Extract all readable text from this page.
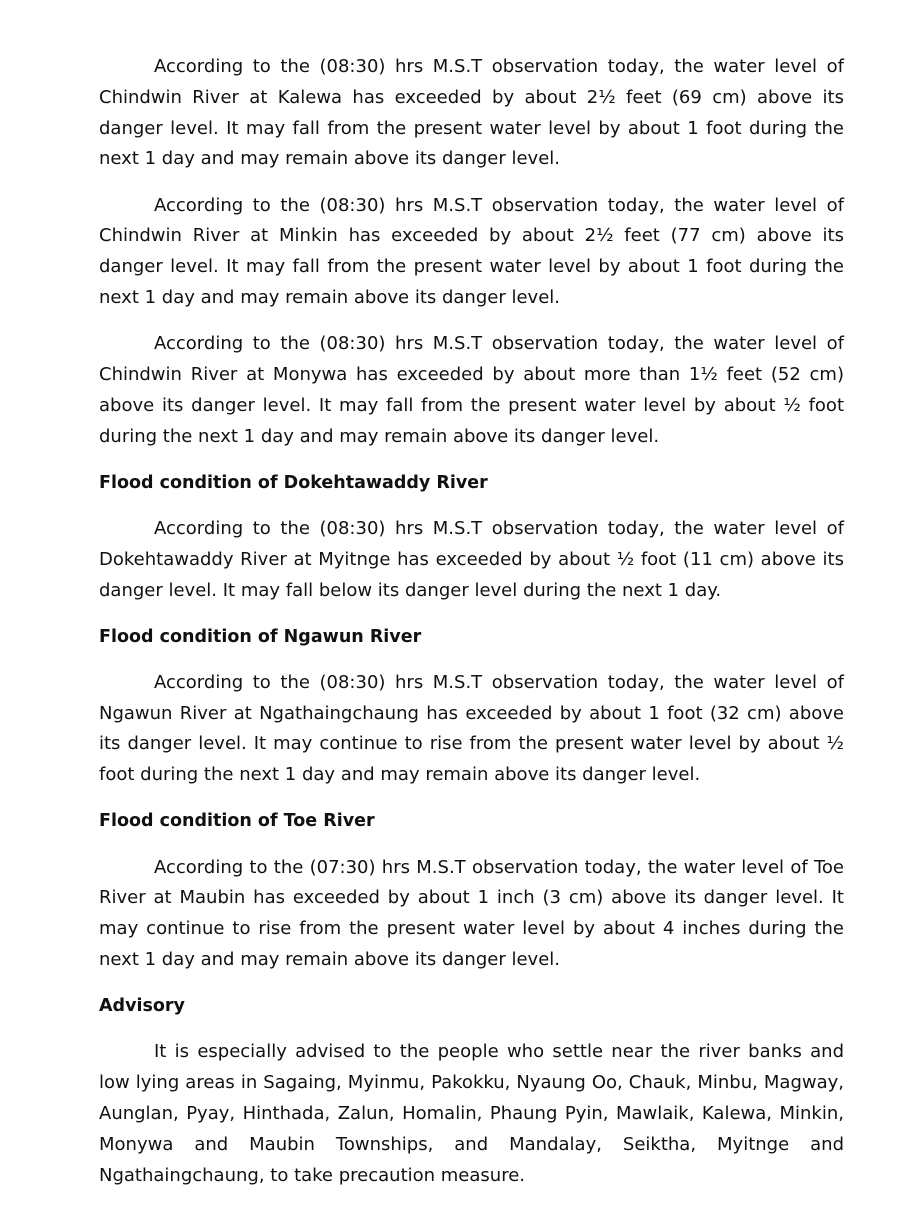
According to the (08:30) hrs M.S.T observation today, the water level of Chindwin River at Kalewa has exceeded by about 2½ feet (69 cm) above its danger level. It may fall from the present water level by about 1 foot during the next 1 day and may remain above its danger level.

According to the (08:30) hrs M.S.T observation today, the water level of Chindwin River at Minkin has exceeded by about 2½ feet (77 cm) above its danger level. It may fall from the present water level by about 1 foot during the next 1 day and may remain above its danger level.

According to the (08:30) hrs M.S.T observation today, the water level of Chindwin River at Monywa has exceeded by about more than 1½ feet (52 cm) above its danger level. It may fall from the present water level by about ½ foot during the next 1 day and may remain above its danger level.

Flood condition of Dokehtawaddy River

According to the (08:30) hrs M.S.T observation today, the water level of Dokehtawaddy River at Myitnge has exceeded by about ½ foot (11 cm) above its danger level. It may fall below its danger level during the next 1 day.

Flood condition of Ngawun River

According to the (08:30) hrs M.S.T observation today, the water level of Ngawun River at Ngathaingchaung has exceeded by about 1 foot (32 cm) above its danger level. It may continue to rise from the present water level by about ½ foot during the next 1 day and may remain above its danger level.

Flood condition of Toe River

According to the (07:30) hrs M.S.T observation today, the water level of Toe River at Maubin has exceeded by about 1 inch (3 cm) above its danger level. It may continue to rise from the present water level by about 4 inches during the next 1 day and may remain above its danger level.

Advisory

It is especially advised to the people who settle near the river banks and low lying areas in Sagaing, Myinmu, Pakokku, Nyaung Oo, Chauk, Minbu, Magway, Aunglan, Pyay, Hinthada, Zalun, Homalin, Phaung Pyin, Mawlaik, Kalewa, Minkin, Monywa and Maubin Townships, and Mandalay, Seiktha, Myitnge and Ngathaingchaung, to take precaution measure.
